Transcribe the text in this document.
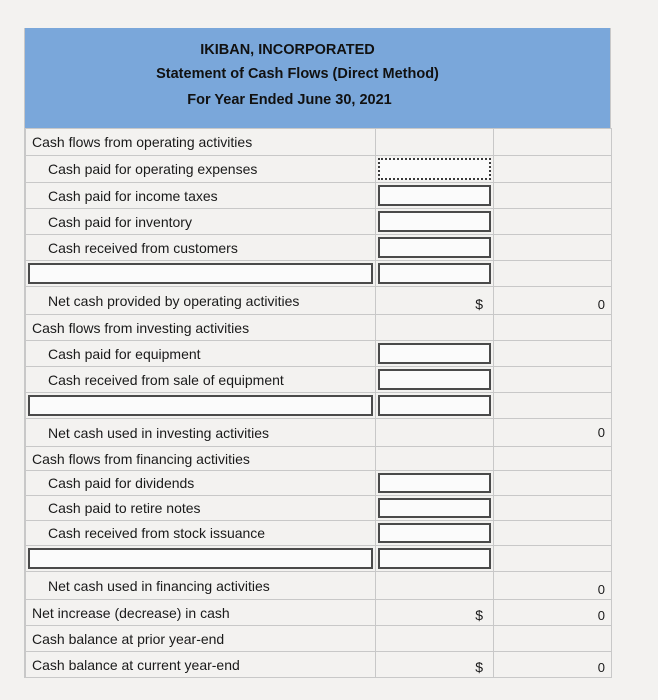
IKIBAN, INCORPORATED
Statement of Cash Flows (Direct Method)
For Year Ended June 30, 2021
Cash flows from operating activities		
Cash paid for operating expenses	

Cash paid for income taxes	

Cash paid for inventory	

Cash received from customers	

Net cash provided by operating activities	$	0

Cash flows from investing activities		
Cash paid for equipment	

Cash received from sale of equipment	

Net cash used in investing activities		0

Cash flows from financing activities		
Cash paid for dividends	

Cash paid to retire notes	

Cash received from stock issuance	

Net cash used in financing activities		0

Net increase (decrease) in cash	$	0

Cash balance at prior year-end		
Cash balance at current year-end	$	0
